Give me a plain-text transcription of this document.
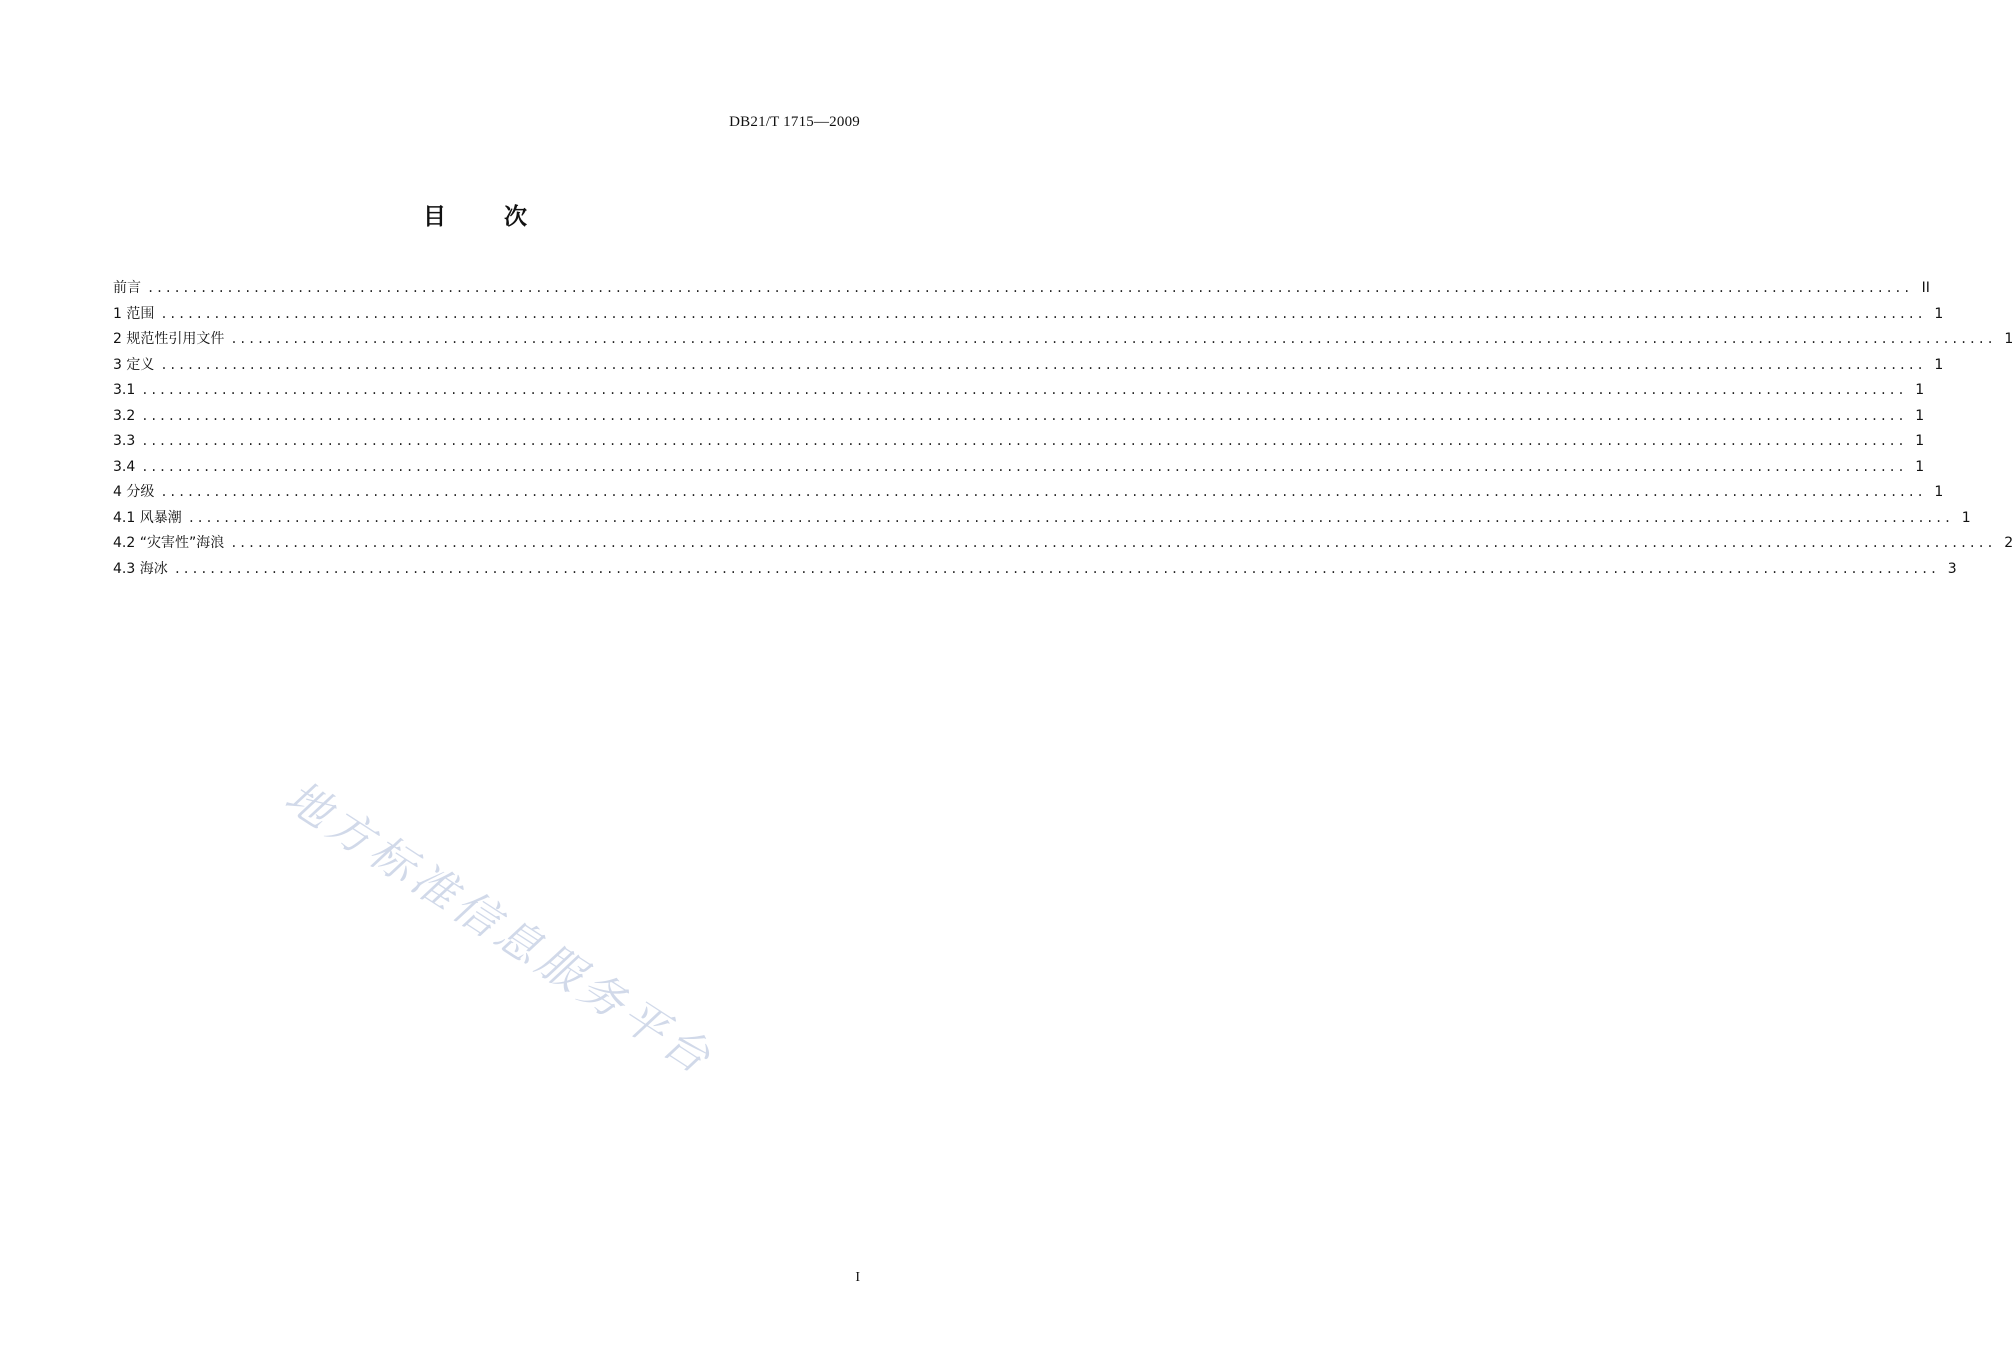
DB21/T 1715—2009
目	次
前言 ........................................................................................................................................................................................................ II
1 范围 ........................................................................................................................................................................................................ 1
2 规范性引用文件 ........................................................................................................................................................................................................ 1
3 定义 ........................................................................................................................................................................................................ 1
3.1 ........................................................................................................................................................................................................ 1
3.2 ........................................................................................................................................................................................................ 1
3.3 ........................................................................................................................................................................................................ 1
3.4 ........................................................................................................................................................................................................ 1
4 分级 ........................................................................................................................................................................................................ 1
4.1 风暴潮 ........................................................................................................................................................................................................ 1
4.2 “灾害性”海浪 ........................................................................................................................................................................................................ 2
4.3 海冰 ........................................................................................................................................................................................................ 3
地方标准信息服务平台
I
